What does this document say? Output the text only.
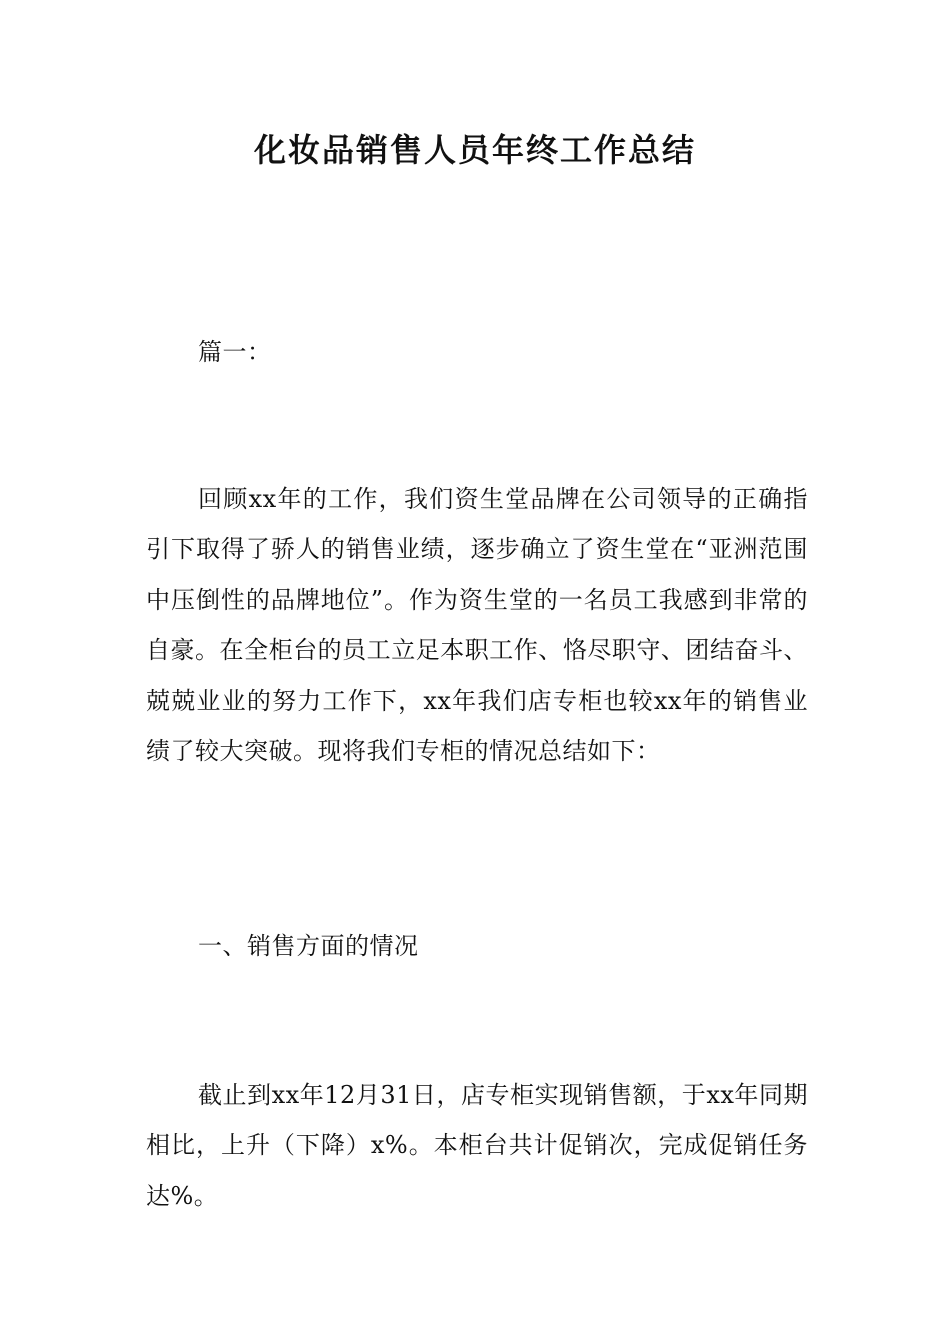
化妆品销售人员年终工作总结

篇一：

回顾xx年的工作，我们资生堂品牌在公司领导的正确指引下取得了骄人的销售业绩，逐步确立了资生堂在“亚洲范围中压倒性的品牌地位”。作为资生堂的一名员工我感到非常的自豪。在全柜台的员工立足本职工作、恪尽职守、团结奋斗、兢兢业业的努力工作下，xx年我们店专柜也较xx年的销售业绩了较大突破。现将我们专柜的情况总结如下：

一、销售方面的情况

截止到xx年12月31日，店专柜实现销售额，于xx年同期相比，上升（下降）x%。本柜台共计促销次，完成促销任务达%。
